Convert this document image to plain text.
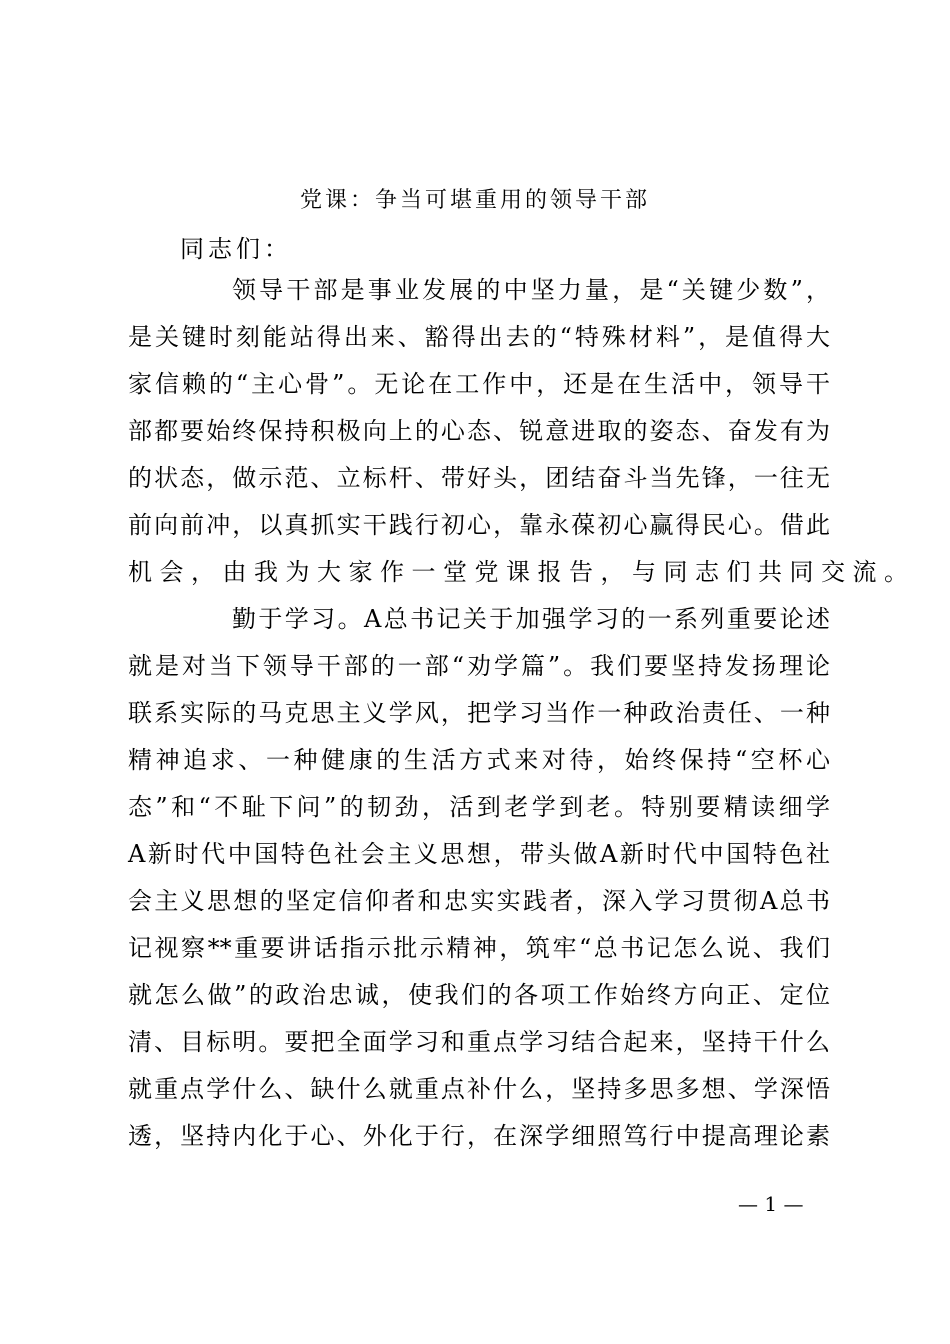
党课：争当可堪重用的领导干部
同志们：
领导干部是事业发展的中坚力量，是“关键少数”，
是关键时刻能站得出来、豁得出去的“特殊材料”，是值得大
家信赖的“主心骨”。无论在工作中，还是在生活中，领导干
部都要始终保持积极向上的心态、锐意进取的姿态、奋发有为
的状态，做示范、立标杆、带好头，团结奋斗当先锋，一往无
前向前冲，以真抓实干践行初心，靠永葆初心赢得民心。借此
机会，由我为大家作一堂党课报告，与同志们共同交流。
勤于学习。A总书记关于加强学习的一系列重要论述
就是对当下领导干部的一部“劝学篇”。我们要坚持发扬理论
联系实际的马克思主义学风，把学习当作一种政治责任、一种
精神追求、一种健康的生活方式来对待，始终保持“空杯心
态”和“不耻下问”的韧劲，活到老学到老。特别要精读细学
A新时代中国特色社会主义思想，带头做A新时代中国特色社
会主义思想的坚定信仰者和忠实实践者，深入学习贯彻A总书
记视察**重要讲话指示批示精神，筑牢“总书记怎么说、我们
就怎么做”的政治忠诚，使我们的各项工作始终方向正、定位
清、目标明。要把全面学习和重点学习结合起来，坚持干什么
就重点学什么、缺什么就重点补什么，坚持多思多想、学深悟
透，坚持内化于心、外化于行，在深学细照笃行中提高理论素
— 1 —
